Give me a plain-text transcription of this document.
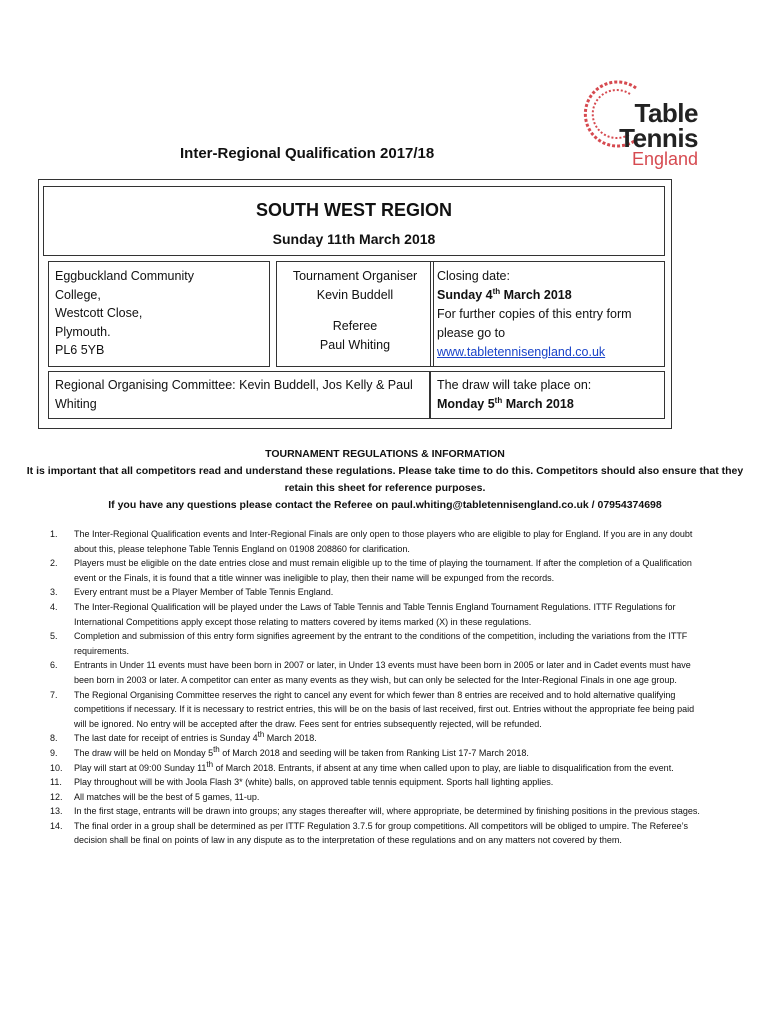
Table
Tennis
England
Inter-Regional Qualification 2017/18
SOUTH WEST REGION
Sunday 11th March 2018
Eggbuckland Community
College,
Westcott Close,
Plymouth.
PL6 5YB
Tournament Organiser
Kevin Buddell
Referee
Paul Whiting
Closing date:
Sunday 4th March 2018
For further copies of this entry form please go to
www.tabletennisengland.co.uk
Regional Organising Committee: Kevin Buddell, Jos Kelly & Paul Whiting
The draw will take place on:
Monday 5th March 2018
TOURNAMENT REGULATIONS & INFORMATION
It is important that all competitors read and understand these regulations. Please take time to do this. Competitors should also ensure that they retain this sheet for reference purposes.
If you have any questions please contact the Referee on paul.whiting@tabletennisengland.co.uk / 07954374698
1. The Inter-Regional Qualification events and Inter-Regional Finals are only open to those players who are eligible to play for England. If you are in any doubt about this, please telephone Table Tennis England on 01908 208860 for clarification.
2. Players must be eligible on the date entries close and must remain eligible up to the time of playing the tournament. If after the completion of a Qualification event or the Finals, it is found that a title winner was ineligible to play, then their name will be expunged from the records.
3. Every entrant must be a Player Member of Table Tennis England.
4. The Inter-Regional Qualification will be played under the Laws of Table Tennis and Table Tennis England Tournament Regulations. ITTF Regulations for International Competitions apply except those relating to matters covered by items marked (X) in these regulations.
5. Completion and submission of this entry form signifies agreement by the entrant to the conditions of the competition, including the variations from the ITTF requirements.
6. Entrants in Under 11 events must have been born in 2007 or later, in Under 13 events must have been born in 2005 or later and in Cadet events must have been born in 2003 or later. A competitor can enter as many events as they wish, but can only be selected for the Inter-Regional Finals in one age group.
7. The Regional Organising Committee reserves the right to cancel any event for which fewer than 8 entries are received and to hold alternative qualifying competitions if necessary. If it is necessary to restrict entries, this will be on the basis of last received, first out. Entries without the appropriate fee being paid will be ignored. No entry will be accepted after the draw. Fees sent for entries subsequently rejected, will be refunded.
8. The last date for receipt of entries is Sunday 4th March 2018.
9. The draw will be held on Monday 5th of March 2018 and seeding will be taken from Ranking List 17-7 March 2018.
10. Play will start at 09:00 Sunday 11th of March 2018. Entrants, if absent at any time when called upon to play, are liable to disqualification from the event.
11. Play throughout will be with Joola Flash 3* (white) balls, on approved table tennis equipment. Sports hall lighting applies.
12. All matches will be the best of 5 games, 11-up.
13. In the first stage, entrants will be drawn into groups; any stages thereafter will, where appropriate, be determined by finishing positions in the previous stages.
14. The final order in a group shall be determined as per ITTF Regulation 3.7.5 for group competitions. All competitors will be obliged to umpire. The Referee’s decision shall be final on points of law in any dispute as to the interpretation of these regulations and on any matters not covered by them.
